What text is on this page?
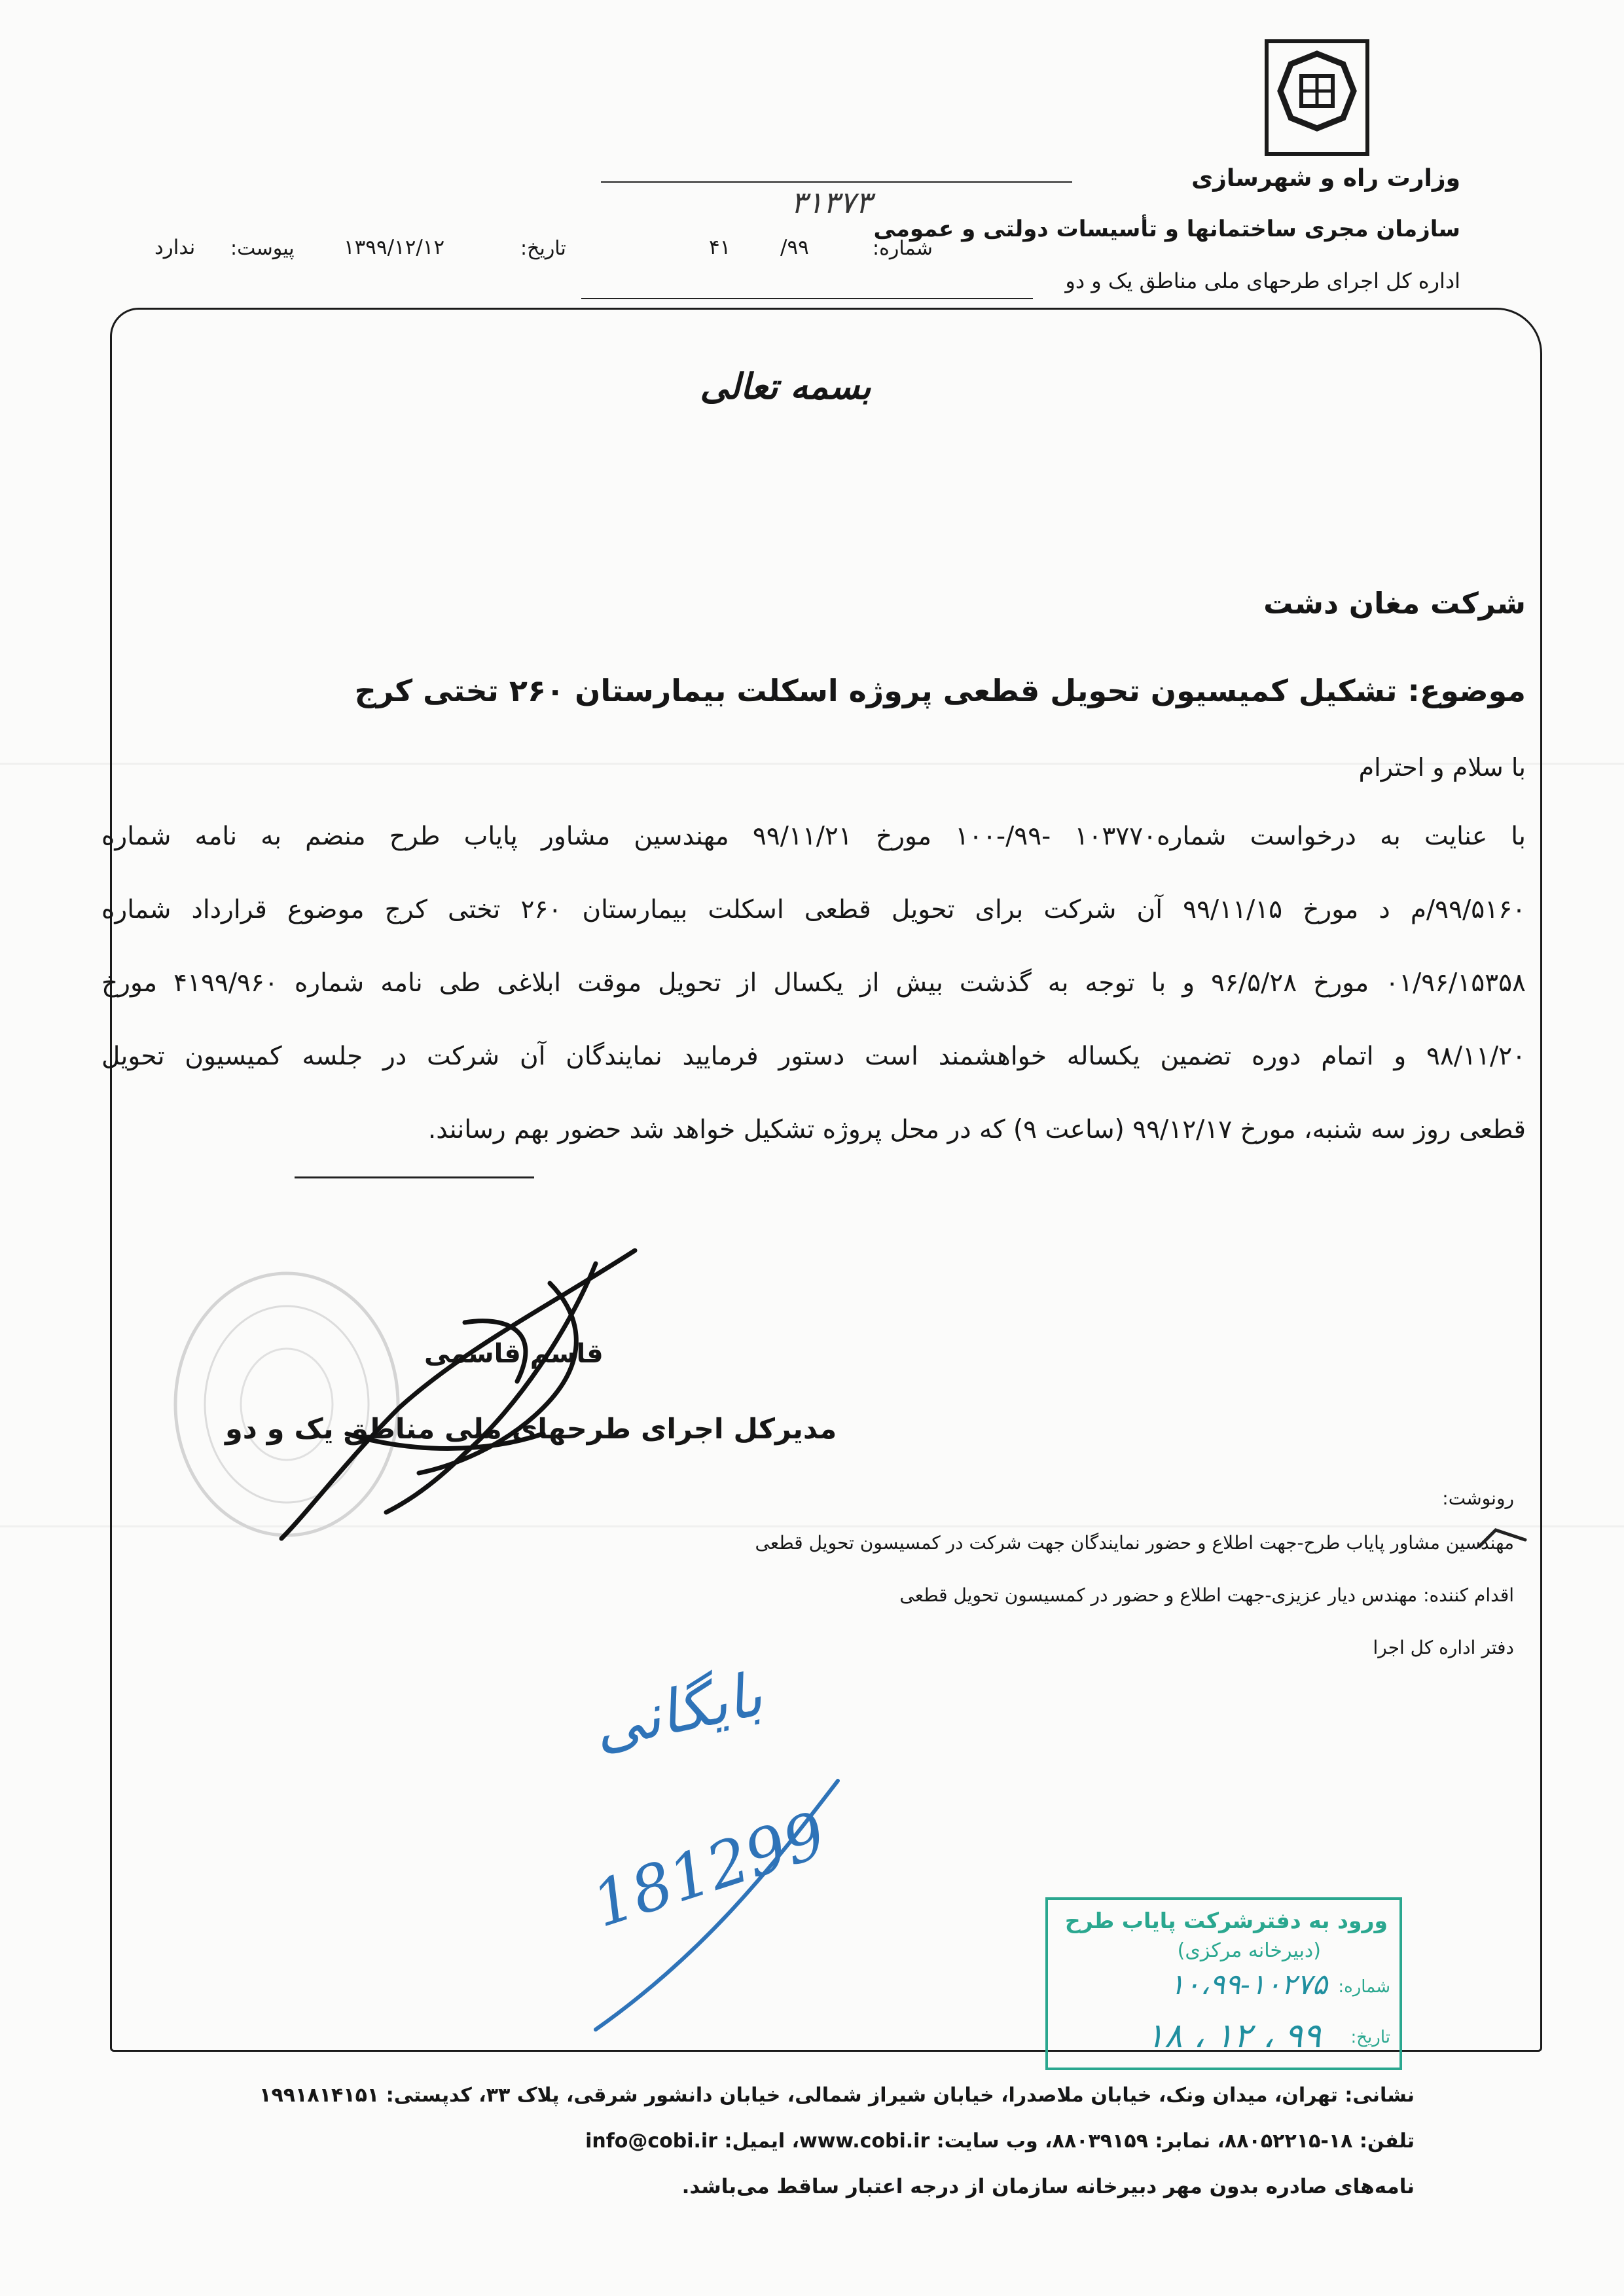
وزارت راه و شهرسازی
سازمان مجری ساختمانها و تأسیسات دولتی و عمومی
اداره کل اجرای طرحهای ملی مناطق یک و دو
۳۱۳۷۳
شماره:
۹۹/
۴۱
تاریخ:
۱۳۹۹/۱۲/۱۲
پیوست:
ندارد
بسمه تعالی
شرکت مغان دشت
موضوع: تشکیل کمیسیون تحویل قطعی پروژه اسکلت بیمارستان ۲۶۰ تختی کرج
با سلام و احترام
با عنایت به درخواست شماره۱۰۳۷۷۰ -۹۹/-۱۰۰ مورخ ۹۹/۱۱/۲۱ مهندسین مشاور پایاب طرح منضم به نامه شماره
۹۹/۵۱۶۰/م د مورخ ۹۹/۱۱/۱۵ آن شرکت برای تحویل قطعی اسکلت بیمارستان ۲۶۰ تختی کرج موضوع قرارداد شماره
۰۱/۹۶/۱۵۳۵۸ مورخ ۹۶/۵/۲۸ و با توجه به گذشت بیش از یکسال از تحویل موقت ابلاغی طی نامه شماره ۴۱۹۹/۹۶۰ مورخ
۹۸/۱۱/۲۰ و اتمام دوره تضمین یکساله خواهشمند است دستور فرمایید نمایندگان آن شرکت در جلسه کمیسیون تحویل
قطعی روز سه شنبه، مورخ ۹۹/۱۲/۱۷ (ساعت ۹) که در محل پروژه تشکیل خواهد شد حضور بهم رسانند.
قاسم قاسمی
مدیرکل اجرای طرحهای ملی مناطق یک و دو
رونوشت:
مهندسین مشاور پایاب طرح-جهت اطلاع و حضور نمایندگان جهت شرکت در کمسیسون تحویل قطعی
اقدام کننده: مهندس دیار عزیزی-جهت اطلاع و حضور در کمسیسون تحویل قطعی
دفتر اداره کل اجرا
بایگانی
181299	ورود به دفترشرکت پایاب طرح
(دبیرخانه مرکزی)
شماره:
۱۰،۹۹-۱۰۲۷۵
تاریخ:
۹۹ ، ۱۲ ، ۱۸
نشانی: تهران، میدان ونک، خیابان ملاصدرا، خیابان شیراز شمالی، خیابان دانشور شرقی، پلاک ۳۳، کدپستی: ۱۹۹۱۸۱۴۱۵۱
تلفن: ۱۸-۸۸۰۵۲۲۱۵، نمابر: ۸۸۰۳۹۱۵۹، وب سایت: www.cobi.ir، ایمیل: info@cobi.ir
نامه‌های صادره بدون مهر دبیرخانه سازمان از درجه اعتبار ساقط می‌باشد.
